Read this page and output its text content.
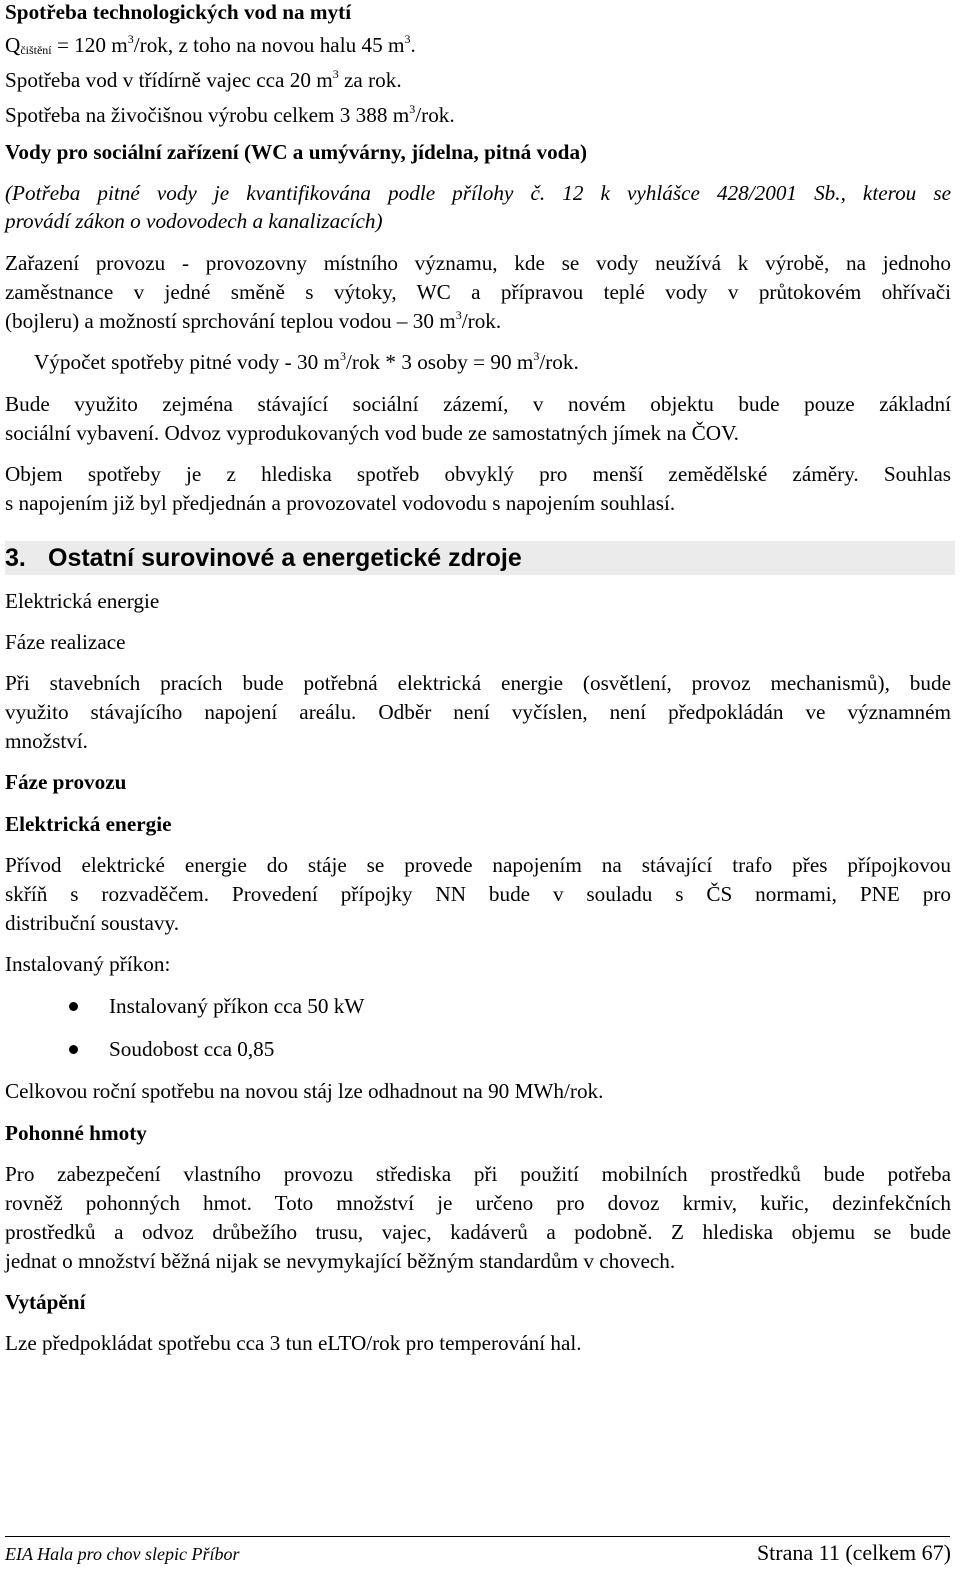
Spotřeba technologických vod na mytí
$Q_{čištění} = 120$ $m^3$/rok, z toho na novou halu 45 $m^3$.
Spotřeba vod v třídírně vajec cca 20 $m^3$ za rok.
Spotřeba na živočišnou výrobu celkem 3 388 $m^3$/rok.
Vody pro sociální zařízení (WC a umývárny, jídelna, pitná voda)
(Potřeba pitné vody je kvantifikována podle přílohy č. 12 k vyhlášce 428/2001 Sb., kterou se
provádí zákon o vodovodech a kanalizacích)
Zařazení provozu - provozovny místního významu, kde se vody neužívá k výrobě, na jednoho
zaměstnance v jedné směně s výtoky, WC a přípravou teplé vody v průtokovém ohřívači
(bojleru) a možností sprchování teplou vodou – 30 $m^3$/rok.
Výpočet spotřeby pitné vody - 30 $m^3$/rok * 3 osoby = 90 $m^3$/rok.
Bude využito zejména stávající sociální zázemí, v novém objektu bude pouze základní
sociální vybavení. Odvoz vyprodukovaných vod bude ze samostatných jímek na ČOV.
Objem spotřeby je z hlediska spotřeb obvyklý pro menší zemědělské záměry. Souhlas
s napojením již byl předjednán a provozovatel vodovodu s napojením souhlasí.
3. Ostatní surovinové a energetické zdroje
Elektrická energie
Fáze realizace
Při stavebních pracích bude potřebná elektrická energie (osvětlení, provoz mechanismů), bude
využito stávajícího napojení areálu. Odběr není vyčíslen, není předpokládán ve významném
množství.
Fáze provozu
Elektrická energie
Přívod elektrické energie do stáje se provede napojením na stávající trafo přes přípojkovou
skříň s rozvaděčem. Provedení přípojky NN bude v souladu s ČS normami, PNE pro
distribuční soustavy.
Instalovaný příkon:
Instalovaný příkon cca 50 kW
Soudobost cca 0,85
Celkovou roční spotřebu na novou stáj lze odhadnout na 90 MWh/rok.
Pohonné hmoty
Pro zabezpečení vlastního provozu střediska při použití mobilních prostředků bude potřeba
rovněž pohonných hmot. Toto množství je určeno pro dovoz krmiv, kuřic, dezinfekčních
prostředků a odvoz drůbežího trusu, vajec, kadáverů a podobně. Z hlediska objemu se bude
jednat o množství běžná nijak se nevymykající běžným standardům v chovech.
Vytápění
Lze předpokládat spotřebu cca 3 tun eLTO/rok pro temperování hal.
EIA Hala pro chov slepic Příbor	Strana 11 (celkem 67)
